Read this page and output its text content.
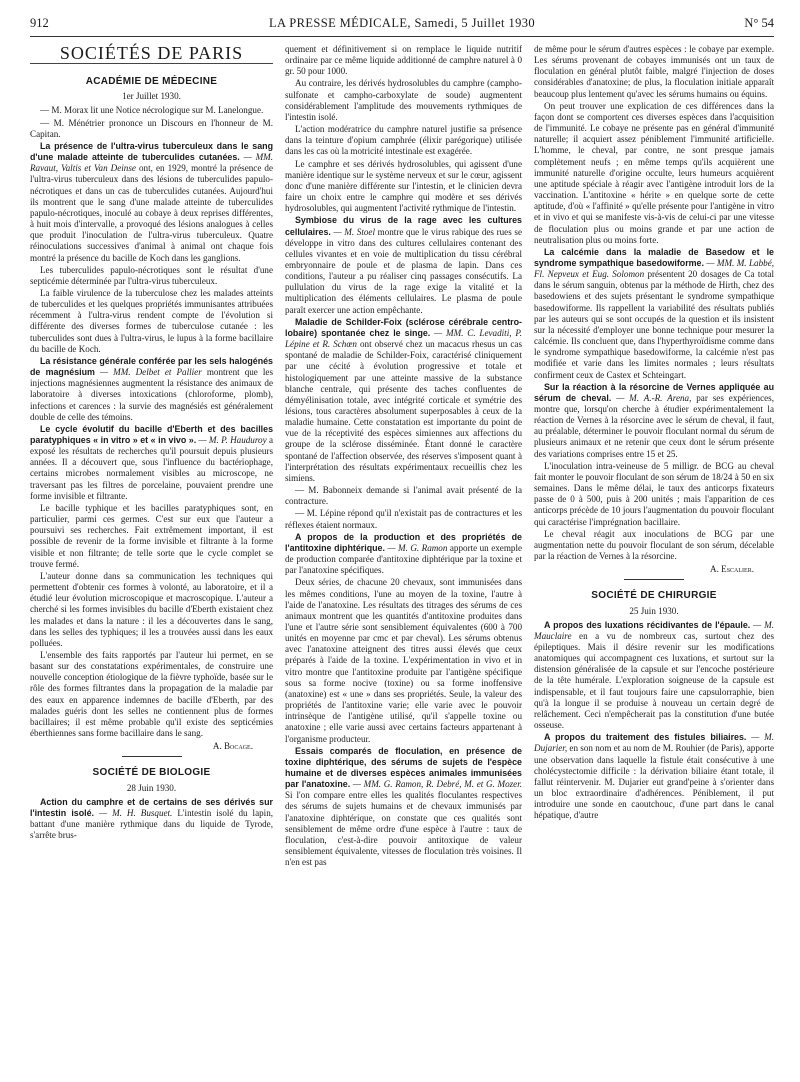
912	LA PRESSE MÉDICALE, Samedi, 5 Juillet 1930	N° 54

SOCIÉTÉS DE PARIS

ACADÉMIE DE MÉDECINE

1er Juillet 1930.

— M. Morax lit une Notice nécrologique sur M. Lanelongue.

— M. Ménétrier prononce un Discours en l'honneur de M. Capitan.

La présence de l'ultra-virus tuberculeux dans le sang d'une malade atteinte de tuberculides cutanées. — MM. Ravaut, Valtis et Van Deinse ont, en 1929, montré la présence de l'ultra-virus tuberculeux dans des lésions de tuberculides papulo-nécrotiques et dans un cas de tuberculides cutanées. Aujourd'hui ils montrent que le sang d'une malade atteinte de tuberculides papulo-nécrotiques, inoculé au cobaye à deux reprises différentes, à huit mois d'intervalle, a provoqué des lésions analogues à celles que produit l'inoculation de l'ultra-virus tuberculeux. Quatre réinoculations successives d'animal à animal ont chaque fois montré la présence du bacille de Koch dans les ganglions.

Les tuberculides papulo-nécrotiques sont le résultat d'une septicémie déterminée par l'ultra-virus tuberculeux.

La faible virulence de la tuberculose chez les malades atteints de tuberculides et les quelques propriétés immunisantes attribuées récemment à l'ultra-virus rendent compte de l'évolution si différente des diverses formes de tuberculose cutanée : les tuberculides sont dues à l'ultra-virus, le lupus à la forme bacillaire du bacille de Koch.

La résistance générale conférée par les sels halogénés de magnésium — MM. Delbet et Pallier montrent que les injections magnésiennes augmentent la résistance des animaux de laboratoire à diverses intoxications (chloroforme, plomb), infections et carences : la survie des magnésiés est généralement double de celle des témoins.

Le cycle évolutif du bacille d'Eberth et des bacilles paratyphiques « in vitro » et « in vivo ». — M. P. Hauduroy a exposé les résultats de recherches qu'il poursuit depuis plusieurs années. Il a découvert que, sous l'influence du bactériophage, certains microbes normalement visibles au microscope, ne traversant pas les filtres de porcelaine, pouvaient prendre une forme invisible et filtrante.

Le bacille typhique et les bacilles paratyphiques sont, en particulier, parmi ces germes. C'est sur eux que l'auteur a poursuivi ses recherches. Fait extrêmement important, il est possible de revenir de la forme invisible et filtrante à la forme visible et non filtrante; de telle sorte que le cycle complet se trouve fermé.

L'auteur donne dans sa communication les techniques qui permettent d'obtenir ces formes à volonté, au laboratoire, et il a étudié leur évolution microscopique et macroscopique. L'auteur a cherché si les formes invisibles du bacille d'Eberth existaient chez les malades et dans la nature : il les a découvertes dans le sang, dans les selles des typhiques; il les a trouvées aussi dans les eaux polluées.

L'ensemble des faits rapportés par l'auteur lui permet, en se basant sur des constatations expérimentales, de construire une nouvelle conception étiologique de la fièvre typhoïde, basée sur le rôle des formes filtrantes dans la propagation de la maladie par des eaux en apparence indemnes de bacille d'Eberth, par des malades guéris dont les selles ne contiennent plus de formes bacillaires; il est même probable qu'il existe des septicémies éberthiennes sans forme bacillaire dans le sang.

A. Bocage.

SOCIÉTÉ DE BIOLOGIE

28 Juin 1930.

Action du camphre et de certains de ses dérivés sur l'intestin isolé. — M. H. Busquet. L'intestin isolé du lapin, battant d'une manière rythmique dans du liquide de Tyrode, s'arrête brus-

quement et définitivement si on remplace le liquide nutritif ordinaire par ce même liquide additionné de camphre naturel à 0 gr. 50 pour 1000.

Au contraire, les dérivés hydrosolubles du camphre (campho-sulfonate et campho-carboxylate de soude) augmentent considérablement l'amplitude des mouvements rythmiques de l'intestin isolé.

L'action modératrice du camphre naturel justifie sa présence dans la teinture d'opium camphrée (élixir parégorique) utilisée dans les cas où la motricité intestinale est exagérée.

Le camphre et ses dérivés hydrosolubles, qui agissent d'une manière identique sur le système nerveux et sur le cœur, agissent donc d'une manière différente sur l'intestin, et le clinicien devra faire un choix entre le camphre qui modère et ses dérivés hydrosolubles, qui augmentent l'activité rythmique de l'intestin.

Symbiose du virus de la rage avec les cultures cellulaires. — M. Stoel montre que le virus rabique des rues se développe in vitro dans des cultures cellulaires contenant des cellules vivantes et en voie de multiplication du tissu cérébral embryonnaire de poule et de plasma de lapin. Dans ces conditions, l'auteur a pu réaliser cinq passages consécutifs. La pullulation du virus de la rage exige la vitalité et la multiplication des éléments cellulaires. Le plasma de poule paraît exercer une action empêchante.

Maladie de Schilder-Foix (sclérose cérébrale centro-lobaire) spontanée chez le singe. — MM. C. Levaditi, P. Lépine et R. Schœn ont observé chez un macacus rhesus un cas spontané de maladie de Schilder-Foix, caractérisé cliniquement par une cécité à évolution progressive et totale et histologiquement par une atteinte massive de la substance blanche centrale, qui présente des taches confluentes de démyélinisation totale, avec intégrité corticale et symétrie des lésions, tous caractères absolument superposables à ceux de la maladie humaine. Cette constatation est importante du point de vue de la réceptivité des espèces simiennes aux affections du groupe de la sclérose disséminée. Étant donné le caractère spontané de l'affection observée, des réserves s'imposent quant à l'interprétation des résultats expérimentaux recueillis chez les simiens.

— M. Babonneix demande si l'animal avait présenté de la contracture.

— M. Lépine répond qu'il n'existait pas de contractures et les réflexes étaient normaux.

A propos de la production et des propriétés de l'antitoxine diphtérique. — M. G. Ramon apporte un exemple de production comparée d'antitoxine diphtérique par la toxine et par l'anatoxine spécifiques.

Deux séries, de chacune 20 chevaux, sont immunisées dans les mêmes conditions, l'une au moyen de la toxine, l'autre à l'aide de l'anatoxine. Les résultats des titrages des sérums de ces animaux montrent que les quantités d'antitoxine produites dans l'une et l'autre série sont sensiblement équivalentes (600 à 700 unités en moyenne par cmc et par cheval). Les sérums obtenus avec l'anatoxine atteignent des titres aussi élevés que ceux préparés à l'aide de la toxine. L'expérimentation in vivo et in vitro montre que l'antitoxine produite par l'antigène spécifique sous sa forme nocive (toxine) ou sa forme inoffensive (anatoxine) est « une » dans ses propriétés. Seule, la valeur des propriétés de l'antitoxine varie; elle varie avec le pouvoir intrinsèque de l'antigène utilisé, qu'il s'appelle toxine ou anatoxine ; elle varie aussi avec certains facteurs appartenant à l'organisme producteur.

Essais comparés de floculation, en présence de toxine diphtérique, des sérums de sujets de l'espèce humaine et de diverses espèces animales immunisées par l'anatoxine. — MM. G. Ramon, R. Debré, M. et G. Mozer. Si l'on compare entre elles les qualités floculantes respectives des sérums de sujets humains et de chevaux immunisés par l'anatoxine diphtérique, on constate que ces qualités sont sensiblement de même ordre d'une espèce à l'autre : taux de floculation, c'est-à-dire pouvoir antitoxique de valeur sensiblement équivalente, vitesses de floculation très voisines. Il n'en est pas

de même pour le sérum d'autres espèces : le cobaye par exemple. Les sérums provenant de cobayes immunisés ont un taux de floculation en général plutôt faible, malgré l'injection de doses considérables d'anatoxine; de plus, la floculation initiale apparaît beaucoup plus lentement qu'avec les sérums humains ou équins.

On peut trouver une explication de ces différences dans la façon dont se comportent ces diverses espèces dans l'acquisition de l'immunité. Le cobaye ne présente pas en général d'immunité naturelle; il acquiert assez péniblement l'immunité artificielle. L'homme, le cheval, par contre, ne sont presque jamais complètement neufs ; en même temps qu'ils acquièrent une immunité naturelle d'origine occulte, leurs humeurs acquièrent une aptitude spéciale à réagir avec l'antigène introduit lors de la vaccination. L'antitoxine « hérite » en quelque sorte de cette aptitude, d'où « l'affinité » qu'elle présente pour l'antigène in vitro et in vivo et qui se manifeste vis-à-vis de celui-ci par une vitesse de floculation plus ou moins grande et par une action de neutralisation plus ou moins forte.

La calcémie dans la maladie de Basedow et le syndrome sympathique basedowiforme. — MM. M. Labbé, Fl. Nepveux et Eug. Solomon présentent 20 dosages de Ca total dans le sérum sanguin, obtenus par la méthode de Hirth, chez des basedowiens et des sujets présentant le syndrome sympathique basedowiforme. Ils rappellent la variabilité des résultats publiés par les auteurs qui se sont occupés de la question et ils insistent sur la nécessité d'employer une bonne technique pour mesurer la calcémie. Ils concluent que, dans l'hyperthyroïdisme comme dans le syndrome sympathique basedowiforme, la calcémie n'est pas modifiée et varie dans les limites normales ; leurs résultats confirment ceux de Castex et Schteingart.

Sur la réaction à la résorcine de Vernes appliquée au sérum de cheval. — M. A.-R. Arena, par ses expériences, montre que, lorsqu'on cherche à étudier expérimentalement la réaction de Vernes à la résorcine avec le sérum de cheval, il faut, au préalable, déterminer le pouvoir floculant normal du sérum de plusieurs animaux et ne retenir que ceux dont le sérum présente des variations comprises entre 15 et 25.

L'inoculation intra-veineuse de 5 milligr. de BCG au cheval fait monter le pouvoir floculant de son sérum de 18/24 à 50 en six semaines. Dans le même délai, le taux des anticorps fixateurs passe de 0 à 500, puis à 200 unités ; mais l'apparition de ces anticorps précède de 10 jours l'augmentation du pouvoir floculant qui caractérise l'imprégnation bacillaire.

Le cheval réagit aux inoculations de BCG par une augmentation nette du pouvoir floculant de son sérum, décelable par la réaction de Vernes à la résorcine.

A. Escalier.

SOCIÉTÉ DE CHIRURGIE

25 Juin 1930.

A propos des luxations récidivantes de l'épaule. — M. Mauclaire en a vu de nombreux cas, surtout chez des épileptiques. Mais il désire revenir sur les modifications anatomiques qui accompagnent ces luxations, et surtout sur la distension généralisée de la capsule et sur l'encoche postérieure de la tête humérale. L'exploration soigneuse de la capsule est indispensable, et il faut toujours faire une capsulorraphie, bien qu'à la longue il se produise à nouveau un certain degré de relâchement. Ceci n'empêcherait pas la constitution d'une butée osseuse.

A propos du traitement des fistules biliaires. — M. Dujarier, en son nom et au nom de M. Rouhier (de Paris), apporte une observation dans laquelle la fistule était consécutive à une cholécystectomie difficile : la dérivation biliaire étant totale, il fallut réintervenir. M. Dujarier eut grand'peine à s'orienter dans un bloc extraordinaire d'adhérences. Péniblement, il put introduire une sonde en caoutchouc, d'une part dans le canal hépatique, d'autre
